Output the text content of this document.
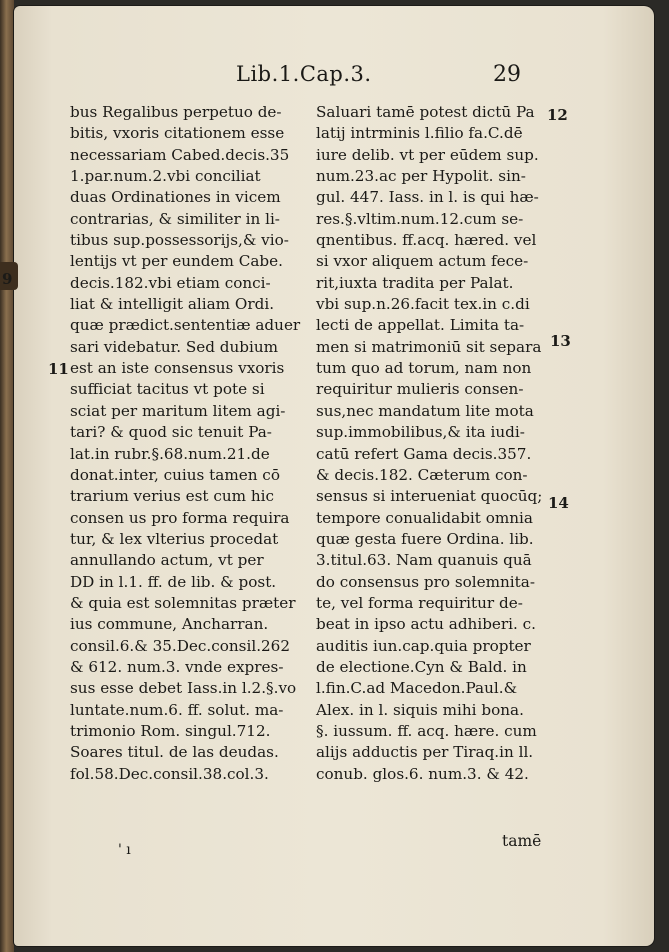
Lib.1.Cap.3.	29
bus Regalibus perpetuo de-
bitis, vxoris citationem esse
necessariam Cabed.decis.35
1.par.num.2.vbi conciliat
duas Ordinationes in vicem
contrarias, & similiter in li-
tibus sup.possessorijs,& vio-
lentijs vt per eundem Cabe.
decis.182.vbi etiam conci-
liat & intelligit aliam Ordi.
quæ prædict.sententiæ aduer
sari videbatur. Sed dubium
est an iste consensus vxoris
sufficiat tacitus vt pote si
sciat per maritum litem agi-
tari? & quod sic tenuit Pa-
lat.in rubr.§.68.num.21.de
donat.inter, cuius tamen cō
trarium verius est cum hic
consen us pro forma requira
tur, & lex vlterius procedat
annullando actum, vt per
DD in l.1. ff. de lib. & post.
& quia est solemnitas præter
ius commune, Ancharran.
consil.6.& 35.Dec.consil.262
& 612. num.3. vnde expres-
sus esse debet Iass.in l.2.§.vo
luntate.num.6. ff. solut. ma-
trimonio Rom. singul.712.
Soares titul. de las deudas.
fol.58.Dec.consil.38.col.3.
Saluari tamē potest dictū Pa
latij intrminis l.filio fa.C.dē
iure delib. vt per eūdem sup.
num.23.ac per Hypolit. sin-
gul. 447. Iass. in l. is qui hæ-
res.§.vltim.num.12.cum se-
qnentibus. ff.acq. hæred. vel
si vxor aliquem actum fece-
rit,iuxta tradita per Palat.
vbi sup.n.26.facit tex.in c.di
lecti de appellat. Limita ta-
men si matrimoniū sit separa
tum quo ad torum, nam non
requiritur mulieris consen-
sus,nec mandatum lite mota
sup.immobilibus,& ita iudi-
catū refert Gama decis.357.
& decis.182. Cæterum con-
sensus si interueniat quocūq;
tempore conualidabit omnia
quæ gesta fuere Ordina. lib.
3.titul.63. Nam quanuis quā
do consensus pro solemnita-
te, vel forma requiritur de-
beat in ipso actu adhiberi. c.
auditis iun.cap.quia propter
de electione.Cyn & Bald. in
l.fin.C.ad Macedon.Paul.&
Alex. in l. siquis mihi bona.
§. iussum. ff. acq. hære. cum
alijs adductis per Tiraq.in ll.
conub. glos.6. num.3. & 42.
9
11
12
13
14
tamē
' ı
